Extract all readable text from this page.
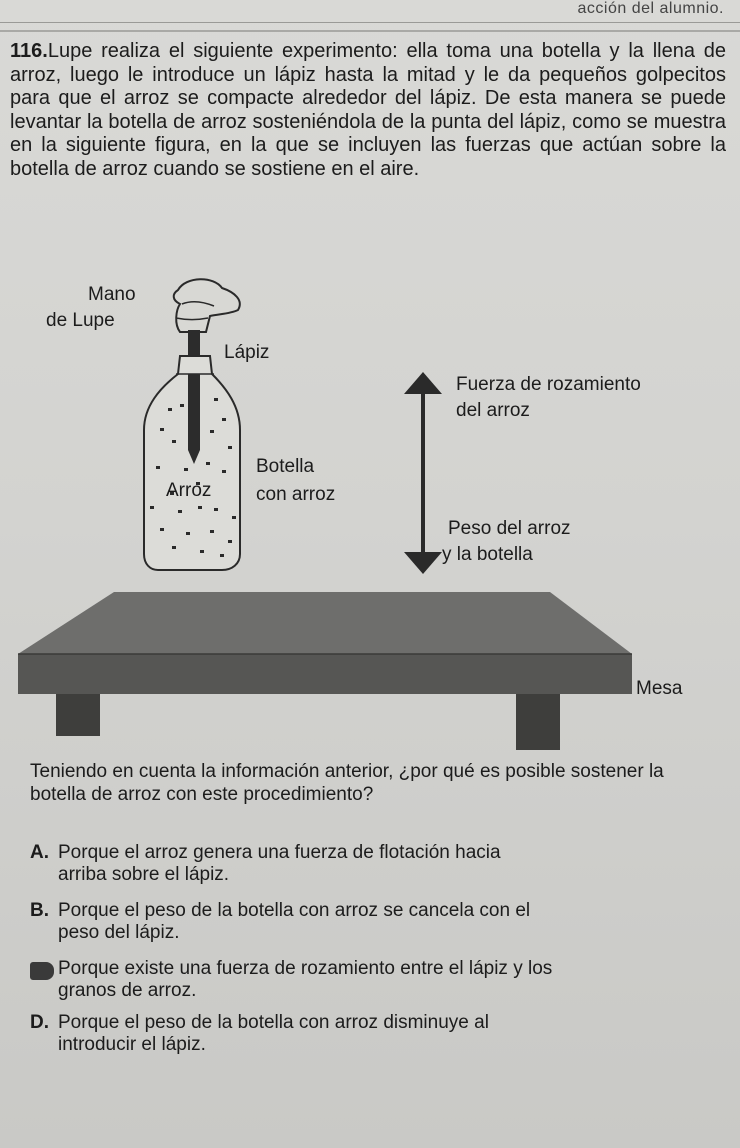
acción del alumnio.
116.Lupe realiza el siguiente experimento: ella toma una botella y la llena de arroz, luego le introduce un lápiz hasta la mitad y le da pequeños golpecitos para que el arroz se compacte alrededor del lápiz. De esta manera se puede levantar la botella de arroz sosteniéndola de la punta del lápiz, como se muestra en la siguiente figura, en la que se incluyen las fuerzas que actúan sobre la botella de arroz cuando se sostiene en el aire.
Mano
de Lupe
Lápiz
Arroz
Botella
con arroz
Fuerza de rozamiento
del arroz
Peso del arroz
y la botella
Mesa
Teniendo en cuenta la información anterior, ¿por qué es posible sostener la botella de arroz con este procedimiento?
A. Porque el arroz genera una fuerza de flotación hacia
arriba sobre el lápiz.
B. Porque el peso de la botella con arroz se cancela con el
peso del lápiz.
Porque existe una fuerza de rozamiento entre el lápiz y los
granos de arroz.
D. Porque el peso de la botella con arroz disminuye al
introducir el lápiz.
